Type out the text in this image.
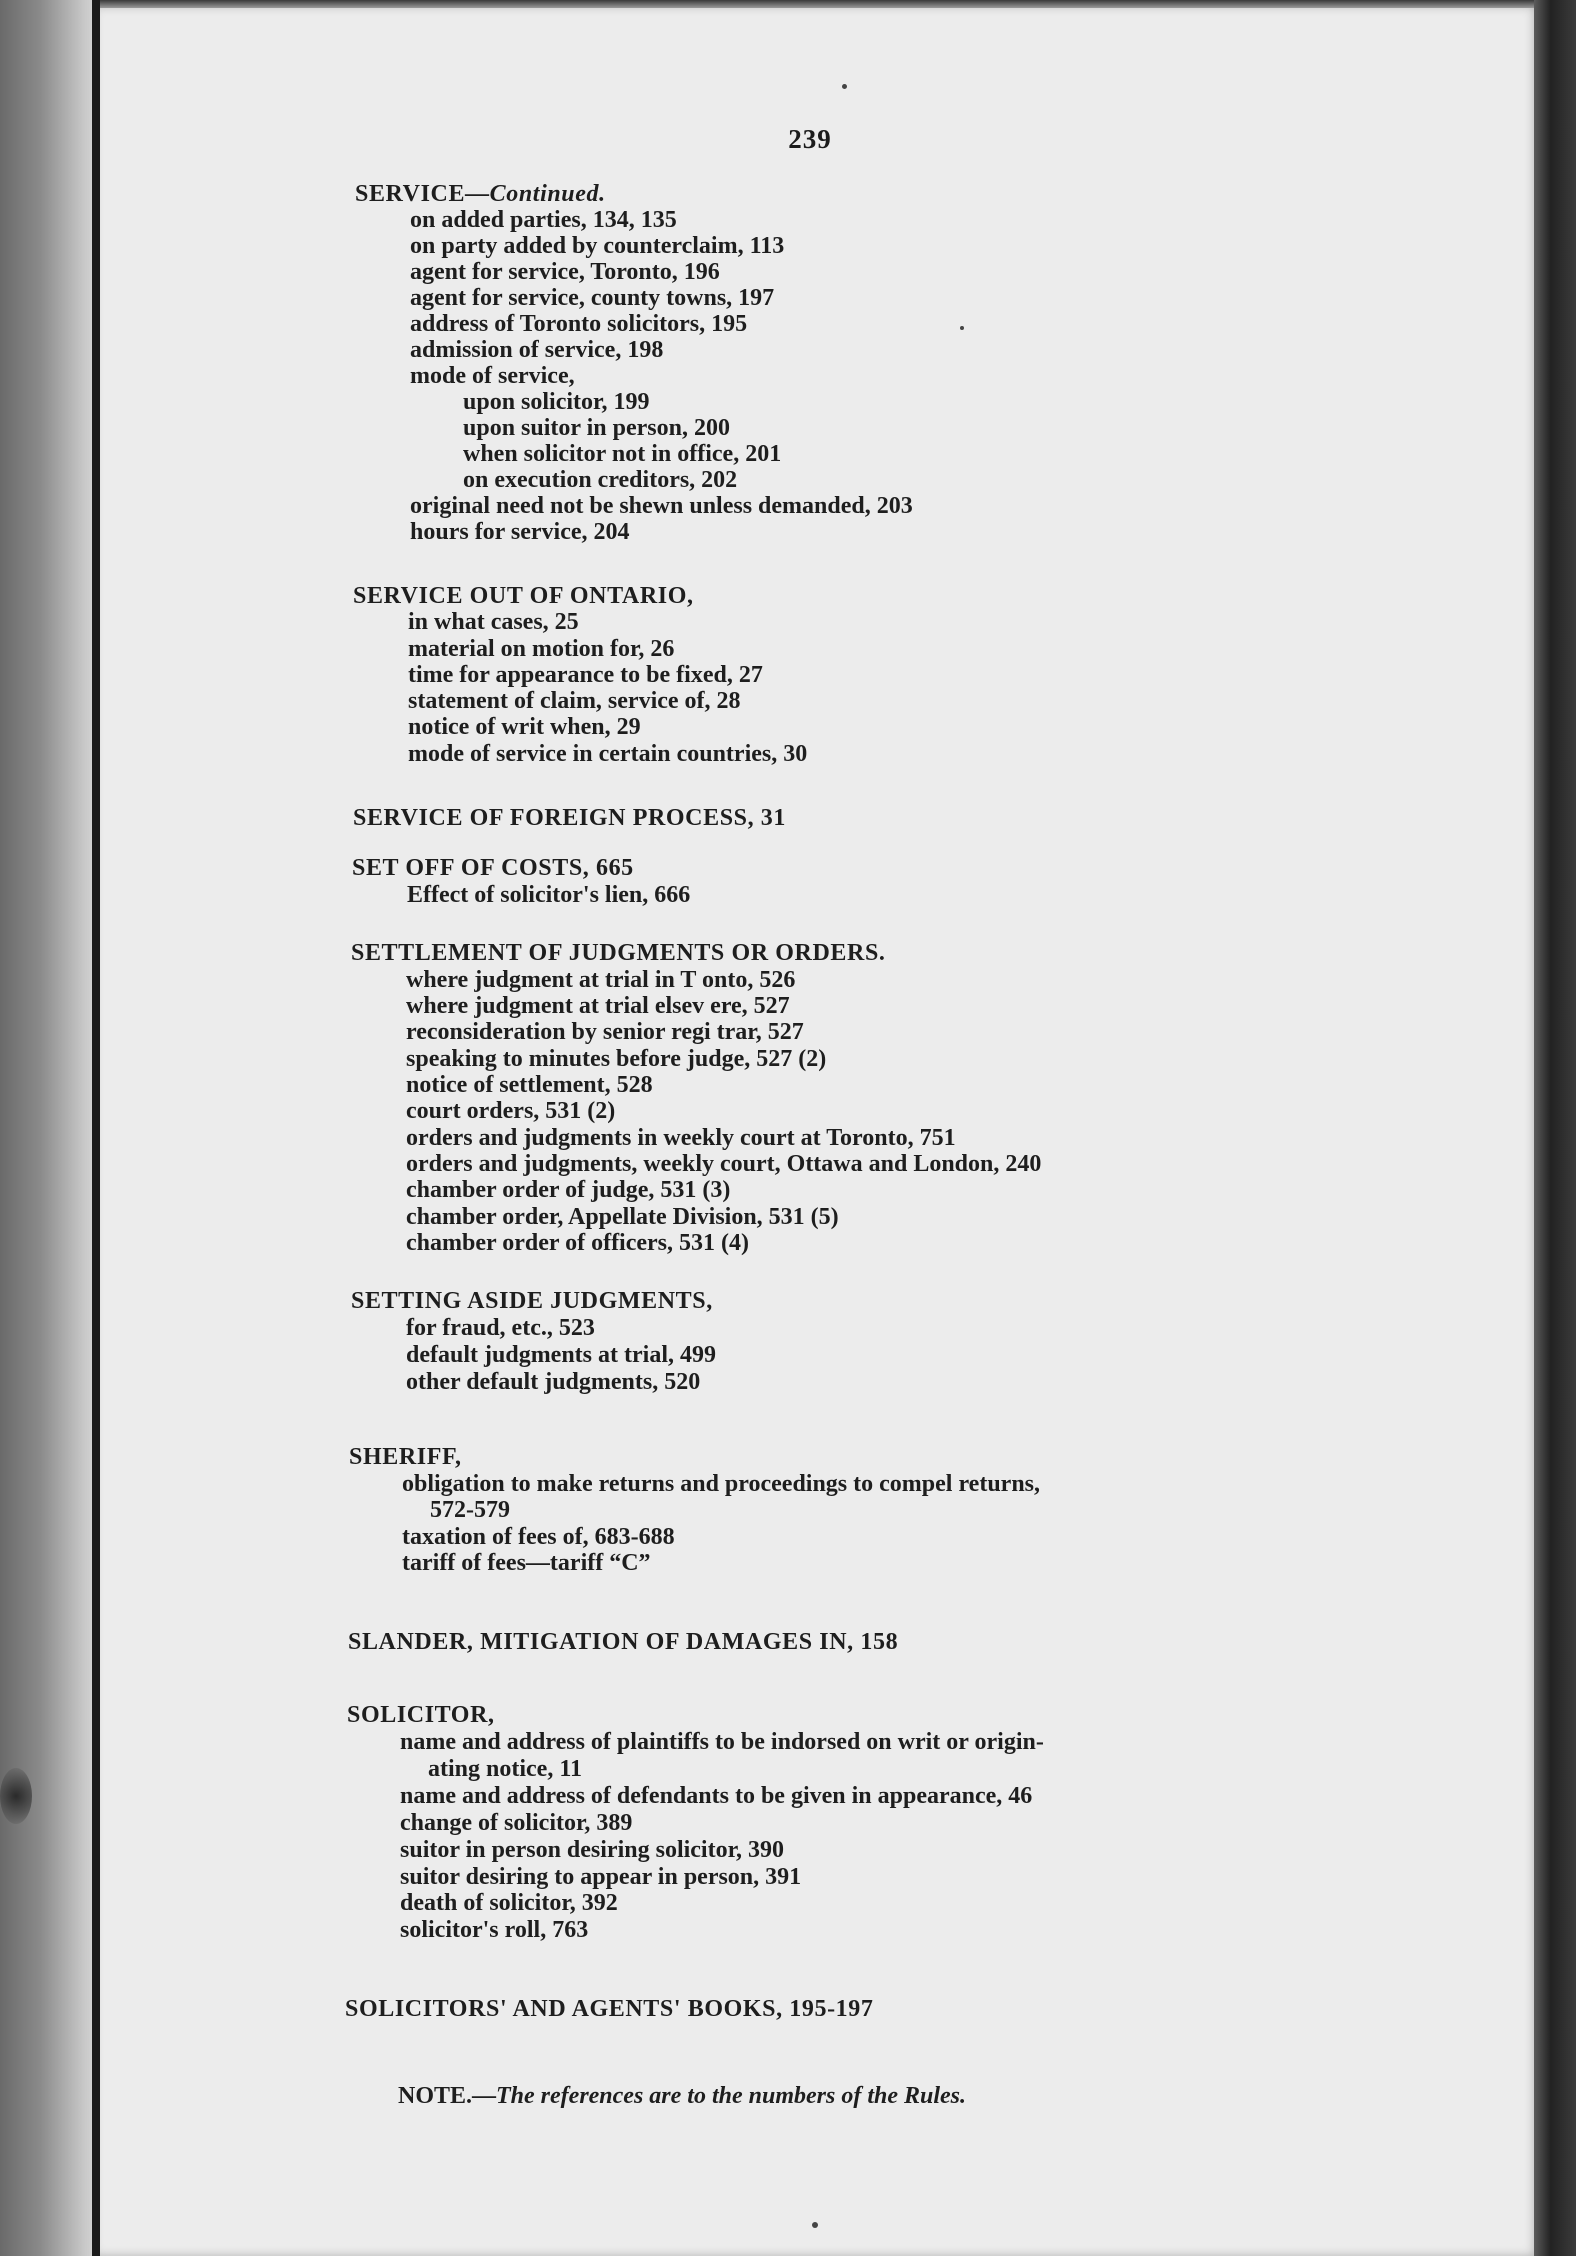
239
SERVICE—Continued.
on added parties, 134, 135
on party added by counterclaim, 113
agent for service, Toronto, 196
agent for service, county towns, 197
address of Toronto solicitors, 195
admission of service, 198
mode of service,
upon solicitor, 199
upon suitor in person, 200
when solicitor not in office, 201
on execution creditors, 202
original need not be shewn unless demanded, 203
hours for service, 204
SERVICE OUT OF ONTARIO,
in what cases, 25
material on motion for, 26
time for appearance to be fixed, 27
statement of claim, service of, 28
notice of writ when, 29
mode of service in certain countries, 30
SERVICE OF FOREIGN PROCESS, 31
SET OFF OF COSTS, 665
Effect of solicitor's lien, 666
SETTLEMENT OF JUDGMENTS OR ORDERS.
where judgment at trial in T onto, 526
where judgment at trial elsev ere, 527
reconsideration by senior regi trar, 527
speaking to minutes before judge, 527 (2)
notice of settlement, 528
court orders, 531 (2)
orders and judgments in weekly court at Toronto, 751
orders and judgments, weekly court, Ottawa and London, 240
chamber order of judge, 531 (3)
chamber order, Appellate Division, 531 (5)
chamber order of officers, 531 (4)
SETTING ASIDE JUDGMENTS,
for fraud, etc., 523
default judgments at trial, 499
other default judgments, 520
SHERIFF,
obligation to make returns and proceedings to compel returns,
572-579
taxation of fees of, 683-688
tariff of fees—tariff “C”
SLANDER, MITIGATION OF DAMAGES IN, 158
SOLICITOR,
name and address of plaintiffs to be indorsed on writ or origin-
ating notice, 11
name and address of defendants to be given in appearance, 46
change of solicitor, 389
suitor in person desiring solicitor, 390
suitor desiring to appear in person, 391
death of solicitor, 392
solicitor's roll, 763
SOLICITORS' AND AGENTS' BOOKS, 195-197
NOTE.—The references are to the numbers of the Rules.
